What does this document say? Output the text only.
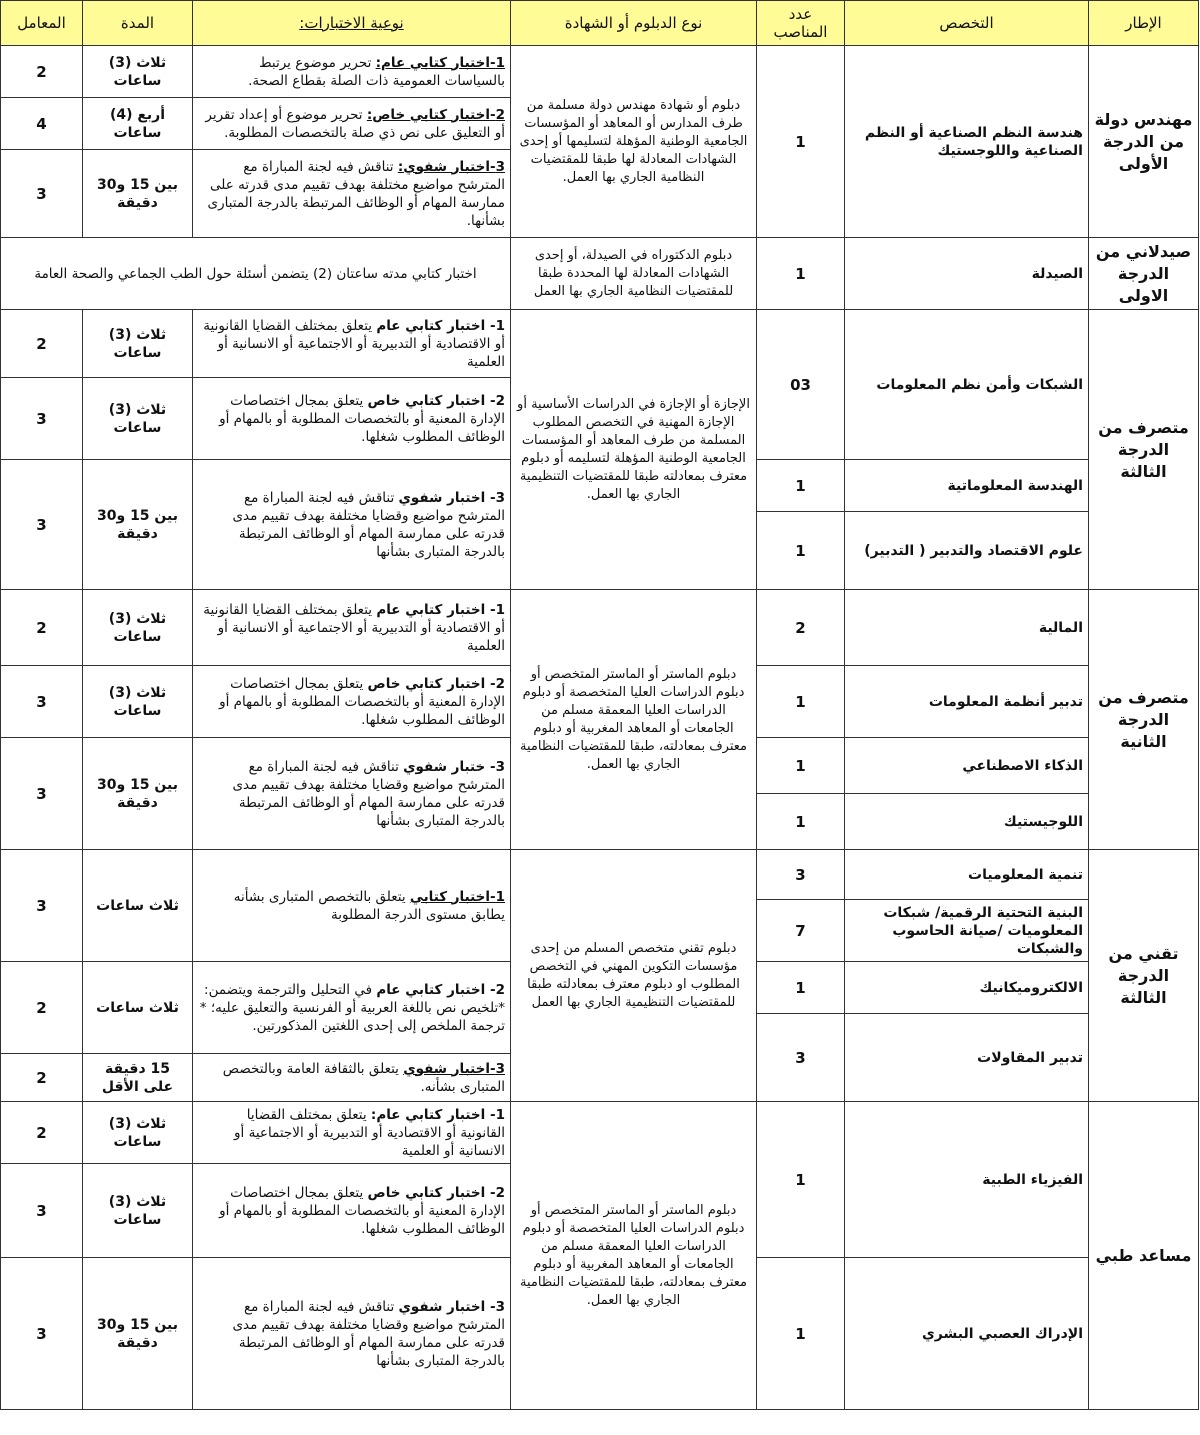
الإطار	التخصص	عدد المناصب	نوع الدبلوم أو الشهادة	نوعية الاختبارات:	المدة	المعامل
مهندس دولة من الدرجة الأولى	هندسة النظم الصناعية أو النظم الصناعية واللوجستيك	1	دبلوم أو شهادة مهندس دولة مسلمة من طرف المدارس أو المعاهد أو المؤسسات الجامعية الوطنية المؤهلة لتسليمها أو إحدى الشهادات المعادلة لها طبقا للمقتضيات النظامية الجاري بها العمل.	1-اختبار كتابي عام: تحرير موضوع يرتبط بالسياسات العمومية ذات الصلة بقطاع الصحة.	ثلاث (3) ساعات	2
				2-اختبار كتابي خاص: تحرير موضوع أو إعداد تقرير أو التعليق على نص ذي صلة بالتخصصات المطلوبة.	أربع (4) ساعات	4
				3-اختبار شفوي: تناقش فيه لجنة المباراة مع المترشح مواضيع مختلفة بهدف تقييم مدى قدرته على ممارسة المهام أو الوظائف المرتبطة بالدرجة المتبارى بشأنها.	بين 15 و30 دقيقة	3
صيدلاني من الدرجة الاولى	الصيدلة	1	دبلوم الدكتوراه في الصيدلة، أو إحدى الشهادات المعادلة لها المحددة طبقا للمقتضيات النظامية الجاري بها العمل	اختبار كتابي مدته ساعتان (2) يتضمن أسئلة حول الطب الجماعي والصحة العامة		
متصرف من الدرجة الثالثة	الشبكات وأمن نظم المعلومات	03	الإجازة أو الإجازة في الدراسات الأساسية أو الإجازة المهنية في التخصص المطلوب المسلمة من طرف المعاهد أو المؤسسات الجامعية الوطنية المؤهلة لتسليمه أو دبلوم معترف بمعادلته طبقا للمقتضيات التنظيمية الجاري بها العمل.	1- اختبار كتابي عام يتعلق بمختلف القضايا القانونية أو الاقتصادية أو التدبيرية أو الاجتماعية أو الانسانية أو العلمية	ثلاث (3) ساعات	2
				2- اختبار كتابي خاص يتعلق بمجال اختصاصات الإدارة المعنية أو بالتخصصات المطلوبة أو بالمهام أو الوظائف المطلوب شغلها.	ثلاث (3) ساعات	3
	الهندسة المعلوماتية	1		3- اختبار شفوي تناقش فيه لجنة المباراة مع المترشح مواضيع وقضايا مختلفة بهدف تقييم مدى قدرته على ممارسة المهام أو الوظائف المرتبطة بالدرجة المتبارى بشأنها	بين 15 و30 دقيقة	3
	علوم الاقتصاد والتدبير ( التدبير)	1				
متصرف من الدرجة الثانية	المالية	2	دبلوم الماستر أو الماستر المتخصص أو دبلوم الدراسات العليا المتخصصة أو دبلوم الدراسات العليا المعمقة مسلم من الجامعات أو المعاهد المغربية أو دبلوم معترف بمعادلته، طبقا للمقتضيات النظامية الجاري بها العمل.	1- اختبار كتابي عام يتعلق بمختلف القضايا القانونية أو الاقتصادية أو التدبيرية أو الاجتماعية أو الانسانية أو العلمية	ثلاث (3) ساعات	2
	تدبير أنظمة المعلومات	1		2- اختبار كتابي خاص يتعلق بمجال اختصاصات الإدارة المعنية أو بالتخصصات المطلوبة أو بالمهام أو الوظائف المطلوب شغلها.	ثلاث (3) ساعات	3
	الذكاء الاصطناعي	1		3- ختبار شفوي تناقش فيه لجنة المباراة مع المترشح مواضيع وقضايا مختلفة بهدف تقييم مدى قدرته على ممارسة المهام أو الوظائف المرتبطة بالدرجة المتبارى بشأنها	بين 15 و30 دقيقة	3
	اللوجيستيك	1				
تقني من الدرجة الثالثة	تنمية المعلوميات	3	دبلوم تقني متخصص المسلم من إحدى مؤسسات التكوين المهني في التخصص المطلوب او دبلوم معترف بمعادلته طبقا للمقتضيات التنظيمية الجاري بها العمل	1-اختبار كتابي يتعلق بالتخصص المتبارى بشأنه يطابق مستوى الدرجة المطلوبة	ثلاث ساعات	3
	البنية التحتية الرقمية/ شبكات المعلوميات /صيانة الحاسوب والشبكات	7				
	الالكتروميكانيك	1		2- اختبار كتابي عام في التحليل والترجمة ويتضمن: *تلخيص نص باللغة العربية أو الفرنسية والتعليق عليه؛ * ترجمة الملخص إلى إحدى اللغتين المذكورتين.	ثلاث ساعات	2
	تدبير المقاولات	3				
				3-اختبار شفوي يتعلق بالثقافة العامة وبالتخصص المتبارى بشأنه.	15 دقيقة على الأقل	2
مساعد طبي	الفيزياء الطبية	1	دبلوم الماستر أو الماستر المتخصص أو دبلوم الدراسات العليا المتخصصة أو دبلوم الدراسات العليا المعمقة مسلم من الجامعات أو المعاهد المغربية أو دبلوم معترف بمعادلته، طبقا للمقتضيات النظامية الجاري بها العمل.	1- اختبار كتابي عام: يتعلق بمختلف القضايا القانونية أو الاقتصادية أو التدبيرية أو الاجتماعية أو الانسانية أو العلمية	ثلاث (3) ساعات	2
				2- اختبار كتابي خاص يتعلق بمجال اختصاصات الإدارة المعنية أو بالتخصصات المطلوبة أو بالمهام أو الوظائف المطلوب شغلها.	ثلاث (3) ساعات	3
	الإدراك العصبي البشري	1		3- اختبار شفوي تناقش فيه لجنة المباراة مع المترشح مواضيع وقضايا مختلفة بهدف تقييم مدى قدرته على ممارسة المهام أو الوظائف المرتبطة بالدرجة المتبارى بشأنها	بين 15 و30 دقيقة	3
